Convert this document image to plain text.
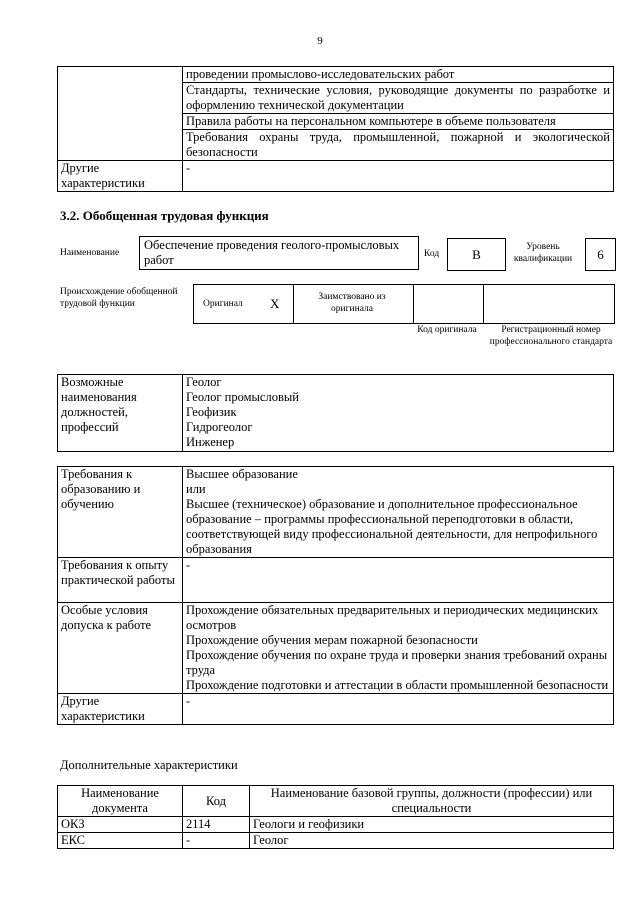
9
	проведении промыслово-исследовательских работ
	Стандарты, технические условия, руководящие документы по разработке и оформлению технической документации
	Правила работы на персональном компьютере в объеме пользователя
	Требования охраны труда, промышленной, пожарной и экологической безопасности
Другие характеристики	-
3.2. Обобщенная трудовая функция
Наименование
Обеспечение проведения геолого-промысловых работ	Код	B	Уровень квалификации	6
Происхождение обобщенной трудовой функции	Оригинал X	Заимствовано из оригинала
Код оригинала	Регистрационный номер профессионального стандарта
Возможные наименования должностей, профессий	
Геолог
Геолог промысловый
Геофизик
Гидрогеолог
Инженер
Требования к образованию и обучению	Высшее образование
или
Высшее (техническое) образование и дополнительное профессиональное образование – программы профессиональной переподготовки в области, соответствующей виду профессиональной деятельности, для непрофильного образования

Требования к опыту практической работы	-
Особые условия допуска к работе	Прохождение обязательных предварительных и периодических медицинских осмотров
Прохождение обучения мерам пожарной безопасности
Прохождение обучения по охране труда и проверки знания требований охраны труда
Прохождение подготовки и аттестации в области промышленной безопасности

Другие характеристики	-
Дополнительные характеристики
Наименование документа	Код	Наименование базовой группы, должности (профессии) или специальности
ОКЗ	2114	Геологи и геофизики
ЕКС	-	Геолог
